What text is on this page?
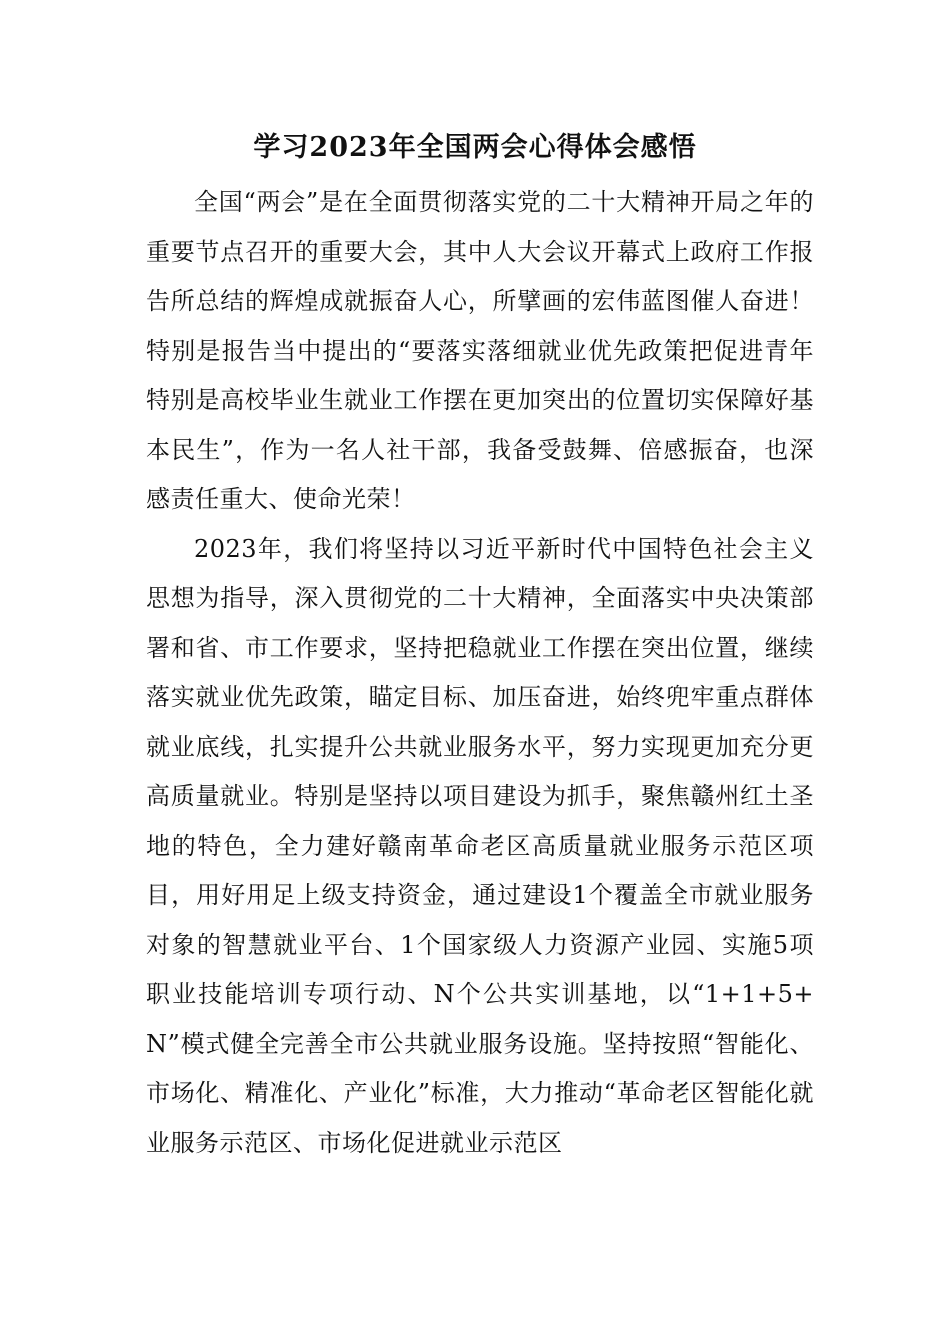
学习2023年全国两会心得体会感悟

全国“两会”是在全面贯彻落实党的二十大精神开局之年的重要节点召开的重要大会，其中人大会议开幕式上政府工作报告所总结的辉煌成就振奋人心，所擘画的宏伟蓝图催人奋进！特别是报告当中提出的“要落实落细就业优先政策把促进青年特别是高校毕业生就业工作摆在更加突出的位置切实保障好基本民生”，作为一名人社干部，我备受鼓舞、倍感振奋，也深感责任重大、使命光荣！

2023年，我们将坚持以习近平新时代中国特色社会主义思想为指导，深入贯彻党的二十大精神，全面落实中央决策部署和省、市工作要求，坚持把稳就业工作摆在突出位置，继续落实就业优先政策，瞄定目标、加压奋进，始终兜牢重点群体就业底线，扎实提升公共就业服务水平，努力实现更加充分更高质量就业。特别是坚持以项目建设为抓手，聚焦赣州红土圣地的特色，全力建好赣南革命老区高质量就业服务示范区项目，用好用足上级支持资金，通过建设1个覆盖全市就业服务对象的智慧就业平台、1个国家级人力资源产业园、实施5项职业技能培训专项行动、N个公共实训基地，以“1+1+5+N”模式健全完善全市公共就业服务设施。坚持按照“智能化、市场化、精准化、产业化”标准，大力推动“革命老区智能化就业服务示范区、市场化促进就业示范区
